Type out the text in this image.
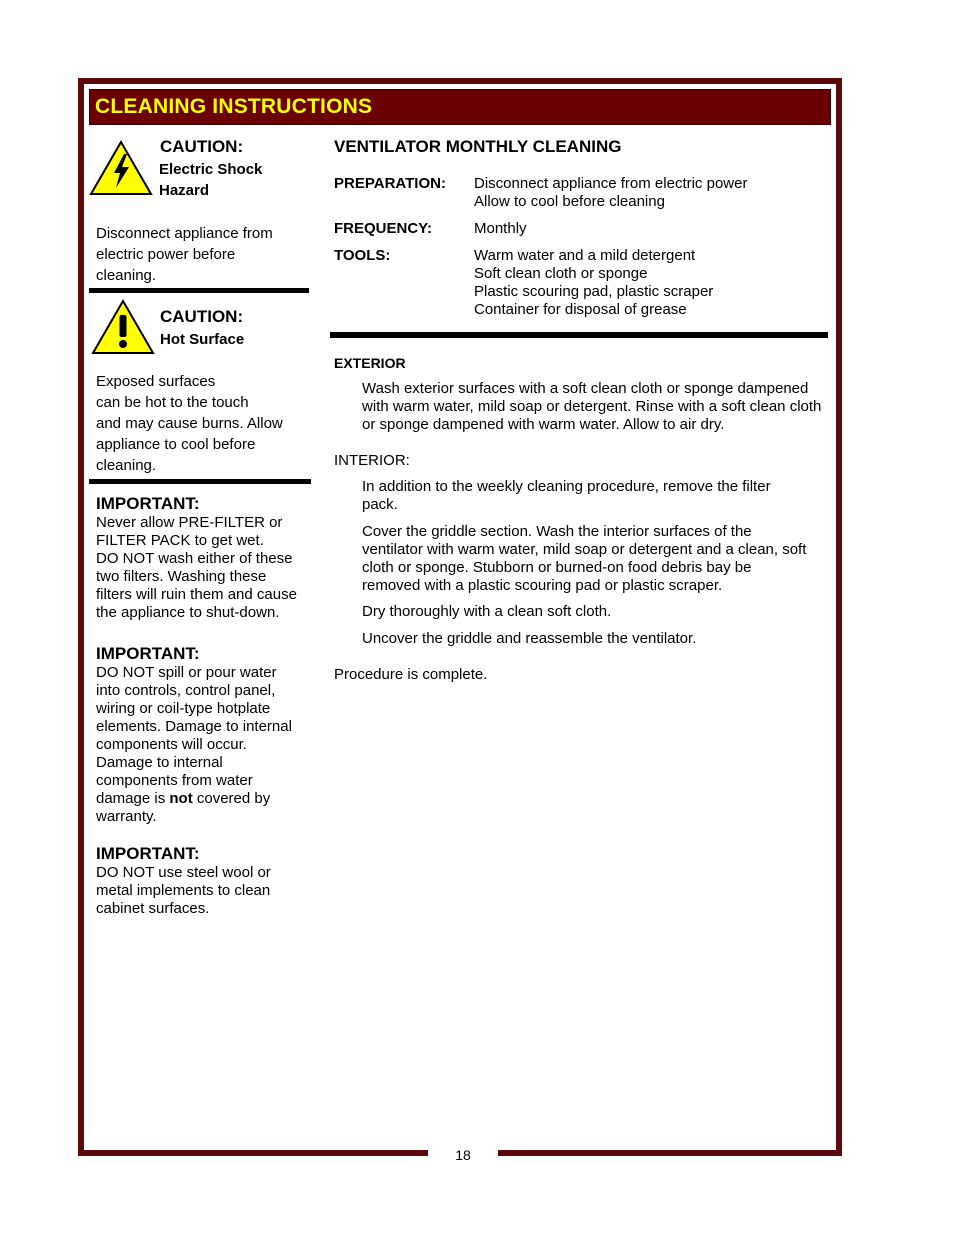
18
CLEANING INSTRUCTIONS
CAUTION:
Electric Shock
Hazard
Disconnect appliance from
electric power before
cleaning.
CAUTION:
Hot Surface
Exposed surfaces
can be hot to the touch
and may cause burns. Allow
appliance to cool before
cleaning.
IMPORTANT:
Never allow PRE-FILTER or
FILTER PACK to get wet.
DO NOT wash either of these
two filters. Washing these
filters will ruin them and cause
the appliance to shut-down.
IMPORTANT:
DO NOT spill or pour water
into controls, control panel,
wiring or coil-type hotplate
elements. Damage to internal
components will occur.
Damage to internal
components from water
damage is not covered by
warranty.
IMPORTANT:
DO NOT use steel wool or
metal implements to clean
cabinet surfaces.
VENTILATOR MONTHLY CLEANING
PREPARATION: Disconnect appliance from electric power
Allow to cool before cleaning
FREQUENCY:	Monthly
TOOLS:	Warm water and a mild detergent
Soft clean cloth or sponge
Plastic scouring pad, plastic scraper
Container for disposal of grease
EXTERIOR
Wash exterior surfaces with a soft clean cloth or sponge dampened with warm water, mild soap or detergent. Rinse with a soft clean cloth or sponge dampened with warm water. Allow to air dry.
INTERIOR:
In addition to the weekly cleaning procedure, remove the filter pack.
Cover the griddle section. Wash the interior surfaces of the ventilator with warm water, mild soap or detergent and a clean, soft cloth or sponge. Stubborn or burned-on food debris bay be removed with a plastic scouring pad or plastic scraper.
Dry thoroughly with a clean soft cloth.
Uncover the griddle and reassemble the ventilator.
Procedure is complete.
